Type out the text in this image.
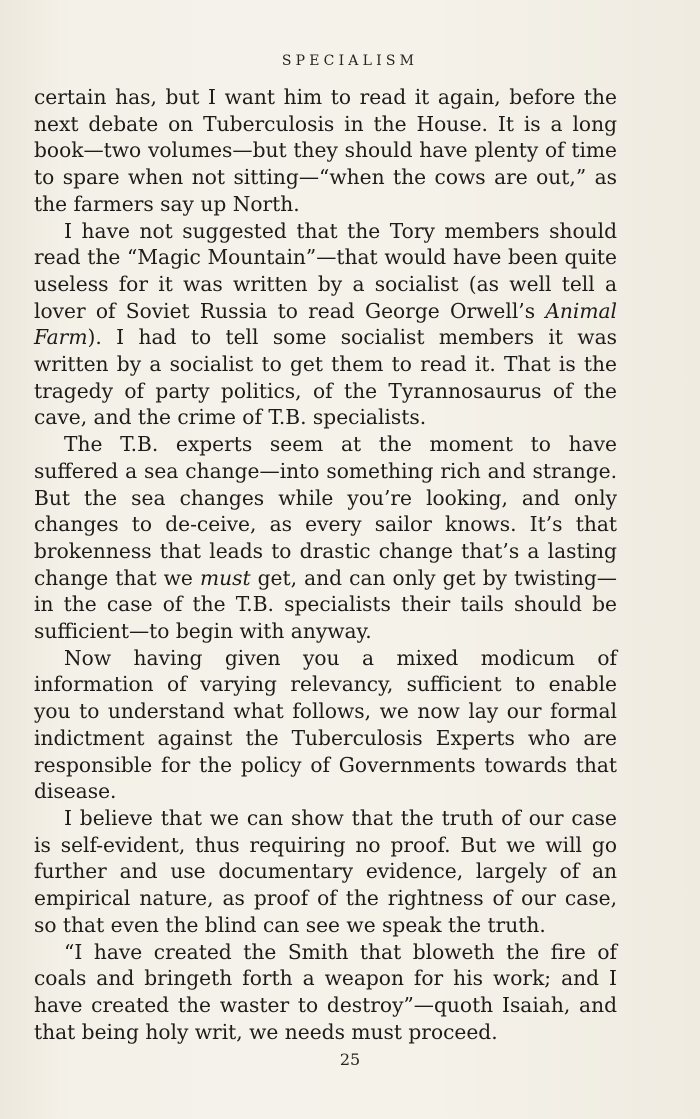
SPECIALISM

certain has, but I want him to read it again, before the next debate on Tuberculosis in the House. It is a long book—two volumes—but they should have plenty of time to spare when not sitting—“when the cows are out,” as the farmers say up North.

I have not suggested that the Tory members should read the “Magic Mountain”—that would have been quite useless for it was written by a socialist (as well tell a lover of Soviet Russia to read George Orwell’s Animal Farm). I had to tell some socialist members it was written by a socialist to get them to read it. That is the tragedy of party politics, of the Tyrannosaurus of the cave, and the crime of T.B. specialists.

The T.B. experts seem at the moment to have suffered a sea change—into something rich and strange. But the sea changes while you’re looking, and only changes to de-ceive, as every sailor knows. It’s that brokenness that leads to drastic change that’s a lasting change that we must get, and can only get by twisting—in the case of the T.B. specialists their tails should be sufficient—to begin with anyway.

Now having given you a mixed modicum of information of varying relevancy, sufficient to enable you to understand what follows, we now lay our formal indictment against the Tuberculosis Experts who are responsible for the policy of Governments towards that disease.

I believe that we can show that the truth of our case is self-evident, thus requiring no proof. But we will go further and use documentary evidence, largely of an empirical nature, as proof of the rightness of our case, so that even the blind can see we speak the truth.

“I have created the Smith that bloweth the fire of coals and bringeth forth a weapon for his work; and I have created the waster to destroy”—quoth Isaiah, and that being holy writ, we needs must proceed.

25
